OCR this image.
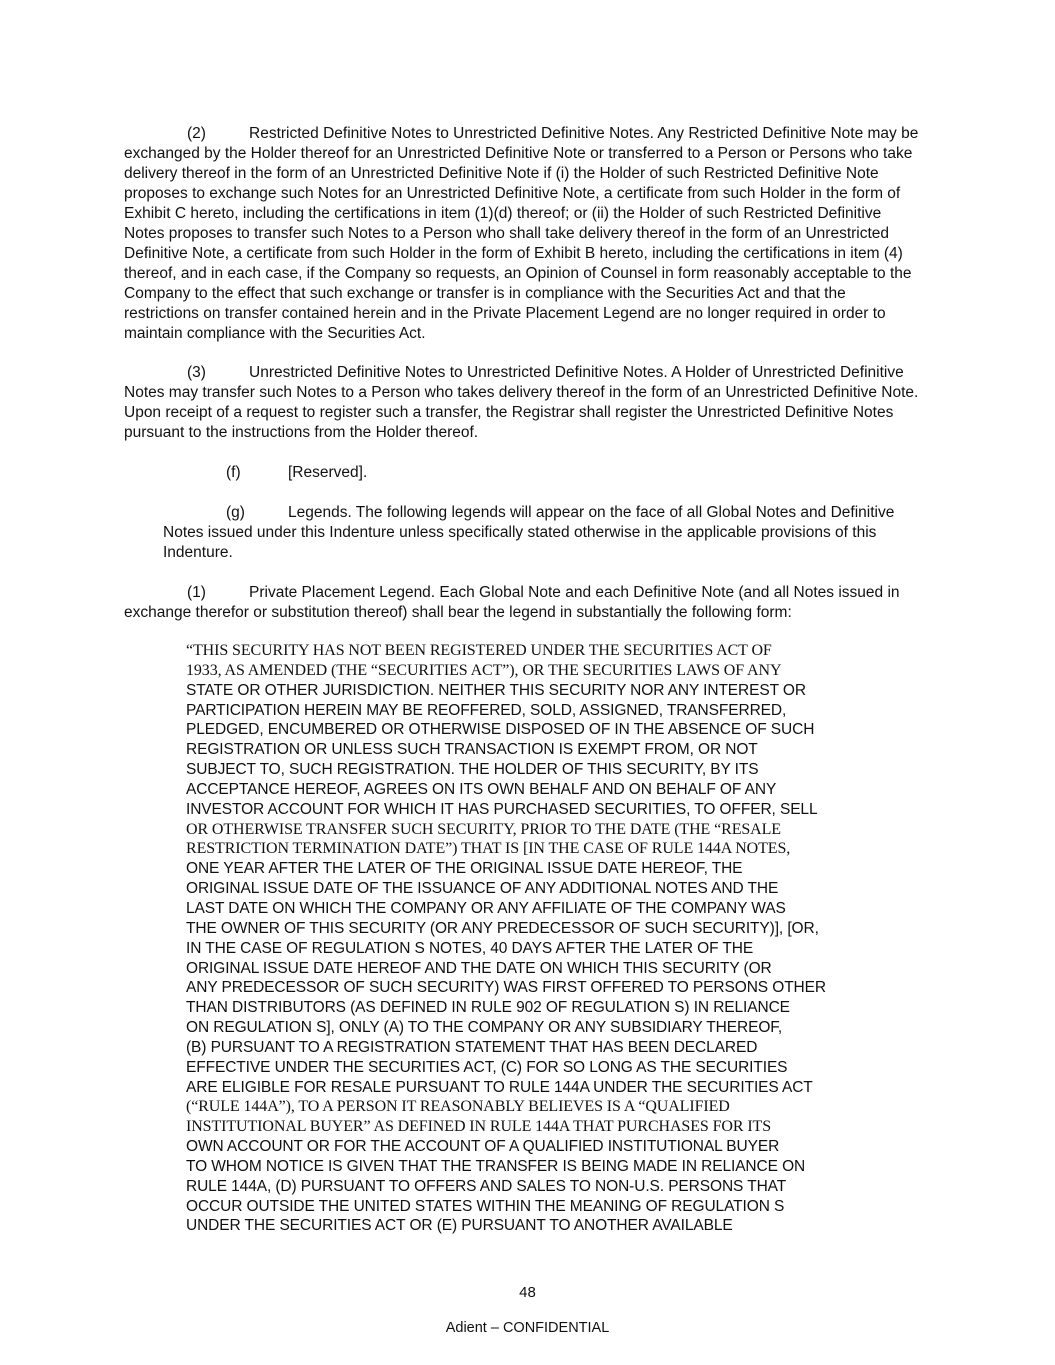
(2)	Restricted Definitive Notes to Unrestricted Definitive Notes. Any Restricted Definitive Note may be exchanged by the Holder thereof for an Unrestricted Definitive Note or transferred to a Person or Persons who take delivery thereof in the form of an Unrestricted Definitive Note if (i) the Holder of such Restricted Definitive Note proposes to exchange such Notes for an Unrestricted Definitive Note, a certificate from such Holder in the form of Exhibit C hereto, including the certifications in item (1)(d) thereof; or (ii) the Holder of such Restricted Definitive Notes proposes to transfer such Notes to a Person who shall take delivery thereof in the form of an Unrestricted Definitive Note, a certificate from such Holder in the form of Exhibit B hereto, including the certifications in item (4) thereof, and in each case, if the Company so requests, an Opinion of Counsel in form reasonably acceptable to the Company to the effect that such exchange or transfer is in compliance with the Securities Act and that the restrictions on transfer contained herein and in the Private Placement Legend are no longer required in order to maintain compliance with the Securities Act.

(3)	Unrestricted Definitive Notes to Unrestricted Definitive Notes. A Holder of Unrestricted Definitive Notes may transfer such Notes to a Person who takes delivery thereof in the form of an Unrestricted Definitive Note. Upon receipt of a request to register such a transfer, the Registrar shall register the Unrestricted Definitive Notes pursuant to the instructions from the Holder thereof.

(f)	[Reserved].

(g)	Legends. The following legends will appear on the face of all Global Notes and Definitive Notes issued under this Indenture unless specifically stated otherwise in the applicable provisions of this Indenture.

(1)	Private Placement Legend. Each Global Note and each Definitive Note (and all Notes issued in exchange therefor or substitution thereof) shall bear the legend in substantially the following form:

“THIS SECURITY HAS NOT BEEN REGISTERED UNDER THE SECURITIES ACT OF
1933, AS AMENDED (THE “SECURITIES ACT”), OR THE SECURITIES LAWS OF ANY
STATE OR OTHER JURISDICTION. NEITHER THIS SECURITY NOR ANY INTEREST OR
PARTICIPATION HEREIN MAY BE REOFFERED, SOLD, ASSIGNED, TRANSFERRED,
PLEDGED, ENCUMBERED OR OTHERWISE DISPOSED OF IN THE ABSENCE OF SUCH
REGISTRATION OR UNLESS SUCH TRANSACTION IS EXEMPT FROM, OR NOT
SUBJECT TO, SUCH REGISTRATION. THE HOLDER OF THIS SECURITY, BY ITS
ACCEPTANCE HEREOF, AGREES ON ITS OWN BEHALF AND ON BEHALF OF ANY
INVESTOR ACCOUNT FOR WHICH IT HAS PURCHASED SECURITIES, TO OFFER, SELL
OR OTHERWISE TRANSFER SUCH SECURITY, PRIOR TO THE DATE (THE “RESALE
RESTRICTION TERMINATION DATE”) THAT IS [IN THE CASE OF RULE 144A NOTES,
ONE YEAR AFTER THE LATER OF THE ORIGINAL ISSUE DATE HEREOF, THE
ORIGINAL ISSUE DATE OF THE ISSUANCE OF ANY ADDITIONAL NOTES AND THE
LAST DATE ON WHICH THE COMPANY OR ANY AFFILIATE OF THE COMPANY WAS
THE OWNER OF THIS SECURITY (OR ANY PREDECESSOR OF SUCH SECURITY)], [OR,
IN THE CASE OF REGULATION S NOTES, 40 DAYS AFTER THE LATER OF THE
ORIGINAL ISSUE DATE HEREOF AND THE DATE ON WHICH THIS SECURITY (OR
ANY PREDECESSOR OF SUCH SECURITY) WAS FIRST OFFERED TO PERSONS OTHER
THAN DISTRIBUTORS (AS DEFINED IN RULE 902 OF REGULATION S) IN RELIANCE
ON REGULATION S], ONLY (A) TO THE COMPANY OR ANY SUBSIDIARY THEREOF,
(B) PURSUANT TO A REGISTRATION STATEMENT THAT HAS BEEN DECLARED
EFFECTIVE UNDER THE SECURITIES ACT, (C) FOR SO LONG AS THE SECURITIES
ARE ELIGIBLE FOR RESALE PURSUANT TO RULE 144A UNDER THE SECURITIES ACT
(“RULE 144A”), TO A PERSON IT REASONABLY BELIEVES IS A “QUALIFIED
INSTITUTIONAL BUYER” AS DEFINED IN RULE 144A THAT PURCHASES FOR ITS
OWN ACCOUNT OR FOR THE ACCOUNT OF A QUALIFIED INSTITUTIONAL BUYER
TO WHOM NOTICE IS GIVEN THAT THE TRANSFER IS BEING MADE IN RELIANCE ON
RULE 144A, (D) PURSUANT TO OFFERS AND SALES TO NON-U.S. PERSONS THAT
OCCUR OUTSIDE THE UNITED STATES WITHIN THE MEANING OF REGULATION S
UNDER THE SECURITIES ACT OR (E) PURSUANT TO ANOTHER AVAILABLE
48
Adient – CONFIDENTIAL
